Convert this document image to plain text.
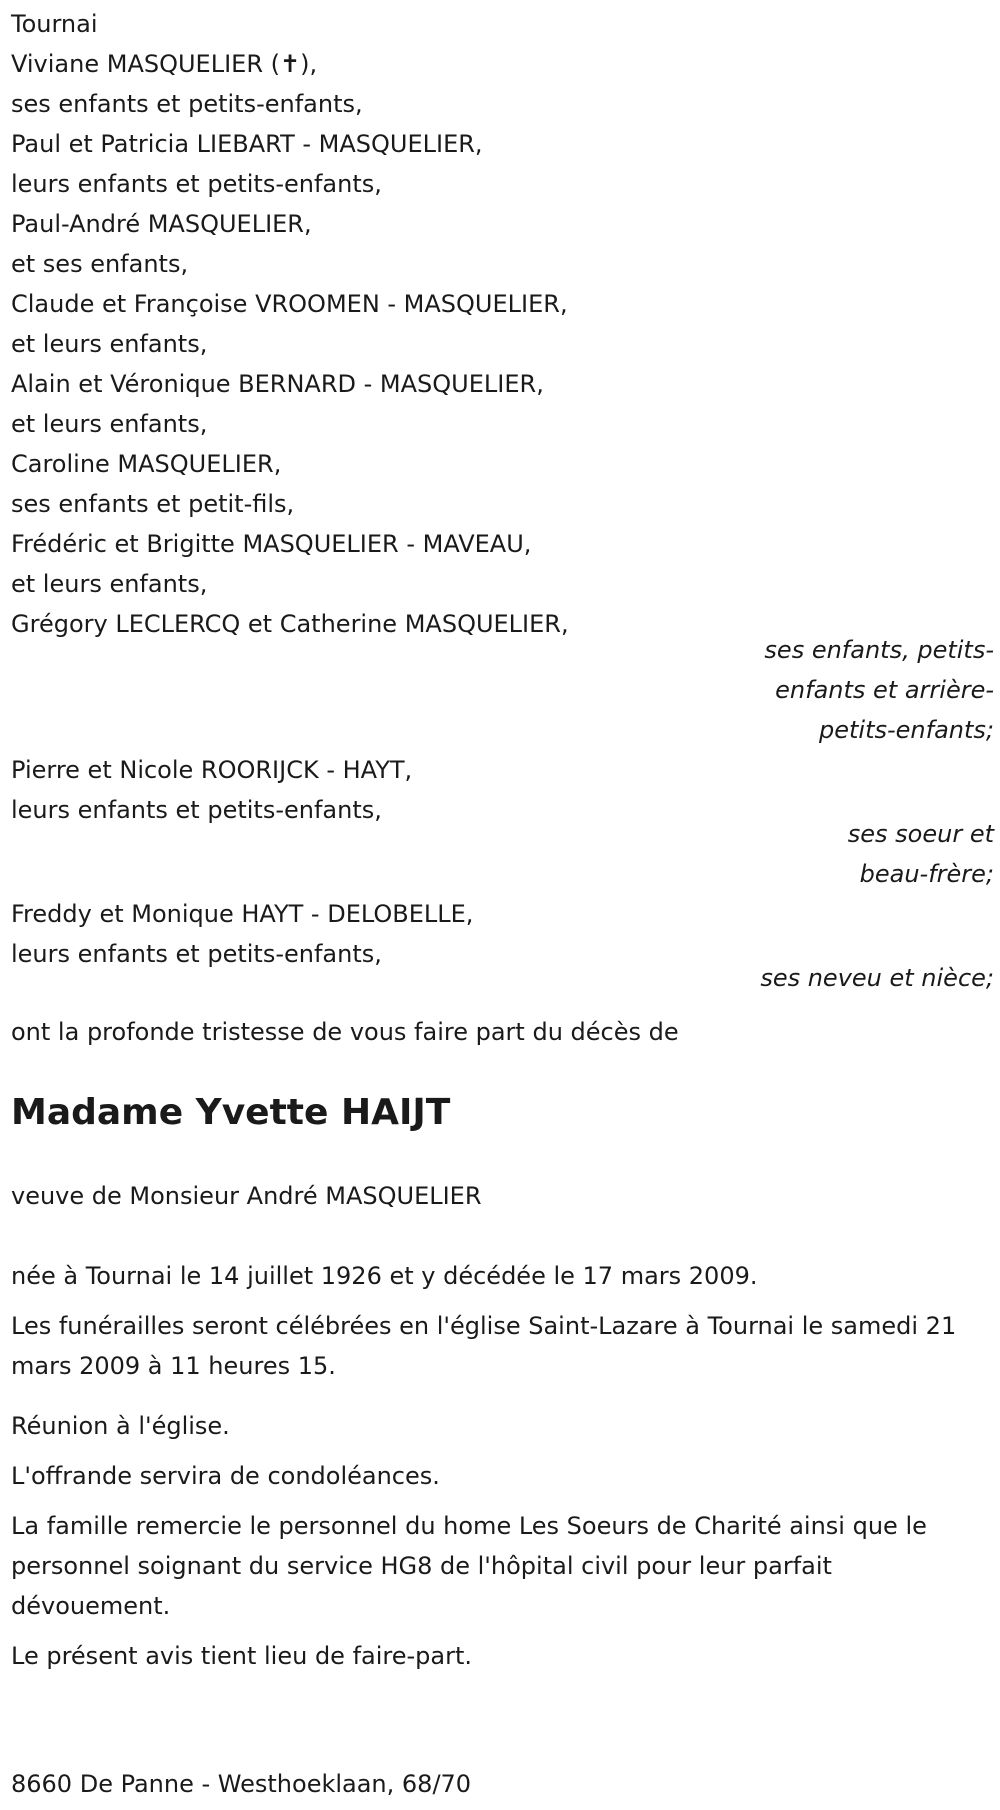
Tournai
Viviane MASQUELIER (✝),
ses enfants et petits-enfants,
Paul et Patricia LIEBART - MASQUELIER,
leurs enfants et petits-enfants,
Paul-André MASQUELIER,
et ses enfants,
Claude et Françoise VROOMEN - MASQUELIER,
et leurs enfants,
Alain et Véronique BERNARD - MASQUELIER,
et leurs enfants,
Caroline MASQUELIER,
ses enfants et petit-fils,
Frédéric et Brigitte MASQUELIER - MAVEAU,
et leurs enfants,
Grégory LECLERCQ et Catherine MASQUELIER,
ses enfants, petits-
enfants et arrière-
petits-enfants;
Pierre et Nicole ROORIJCK - HAYT,
leurs enfants et petits-enfants,
ses soeur et
beau-frère;
Freddy et Monique HAYT - DELOBELLE,
leurs enfants et petits-enfants,
ses neveu et nièce;
ont la profonde tristesse de vous faire part du décès de
Madame Yvette HAIJT
veuve de Monsieur André MASQUELIER
née à Tournai le 14 juillet 1926 et y décédée le 17 mars 2009.
Les funérailles seront célébrées en l'église Saint-Lazare à Tournai le samedi 21 mars 2009 à 11 heures 15.
Réunion à l'église.
L'offrande servira de condoléances.
La famille remercie le personnel du home Les Soeurs de Charité ainsi que le personnel soignant du service HG8 de l'hôpital civil pour leur parfait dévouement.
Le présent avis tient lieu de faire-part.
8660 De Panne - Westhoeklaan, 68/70
